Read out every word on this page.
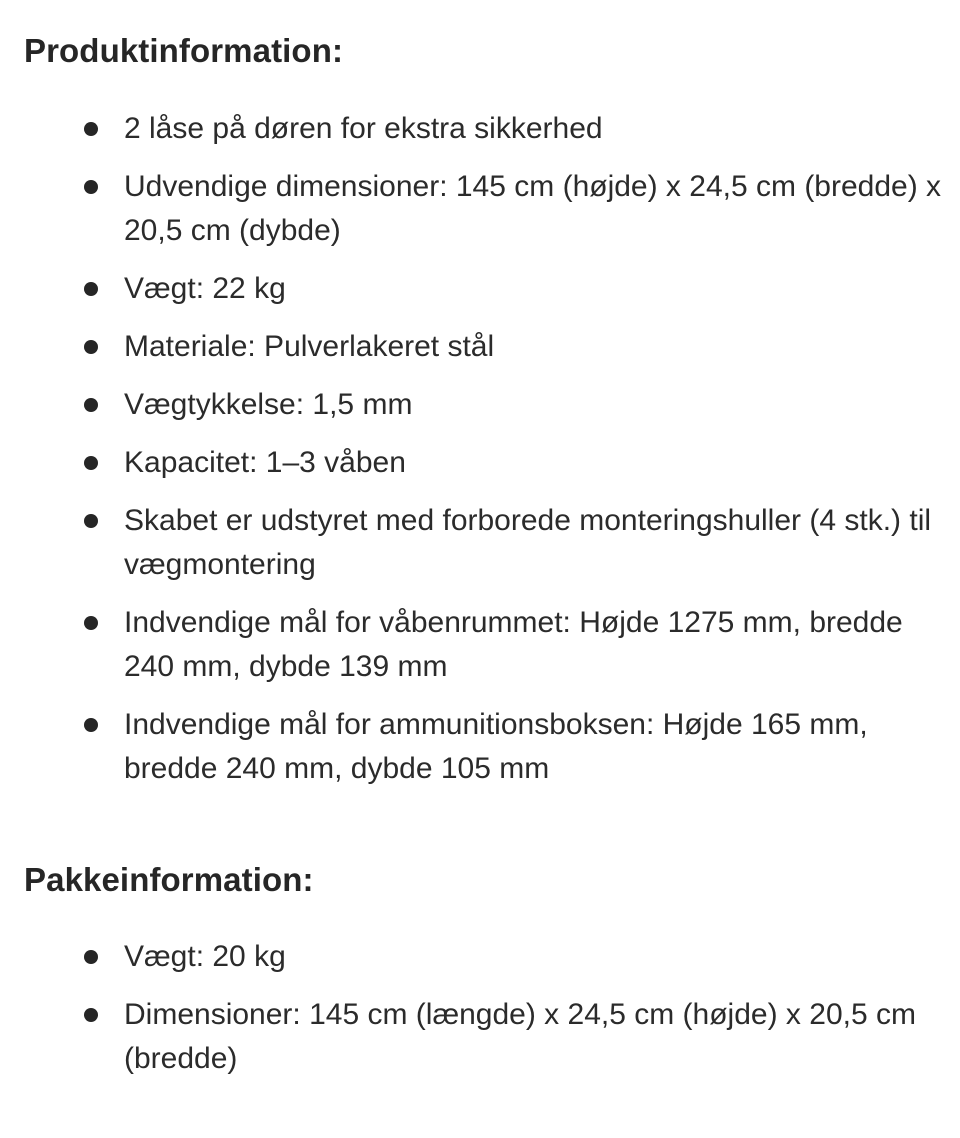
Produktinformation:
2 låse på døren for ekstra sikkerhed
Udvendige dimensioner: 145 cm (højde) x 24,5 cm (bredde) x 20,5 cm (dybde)
Vægt: 22 kg
Materiale: Pulverlakeret stål
Vægtykkelse: 1,5 mm
Kapacitet: 1–3 våben
Skabet er udstyret med forborede monteringshuller (4 stk.) til vægmontering
Indvendige mål for våbenrummet: Højde 1275 mm, bredde 240 mm, dybde 139 mm
Indvendige mål for ammunitionsboksen: Højde 165 mm, bredde 240 mm, dybde 105 mm
Pakkeinformation:
Vægt: 20 kg
Dimensioner: 145 cm (længde) x 24,5 cm (højde) x 20,5 cm (bredde)
